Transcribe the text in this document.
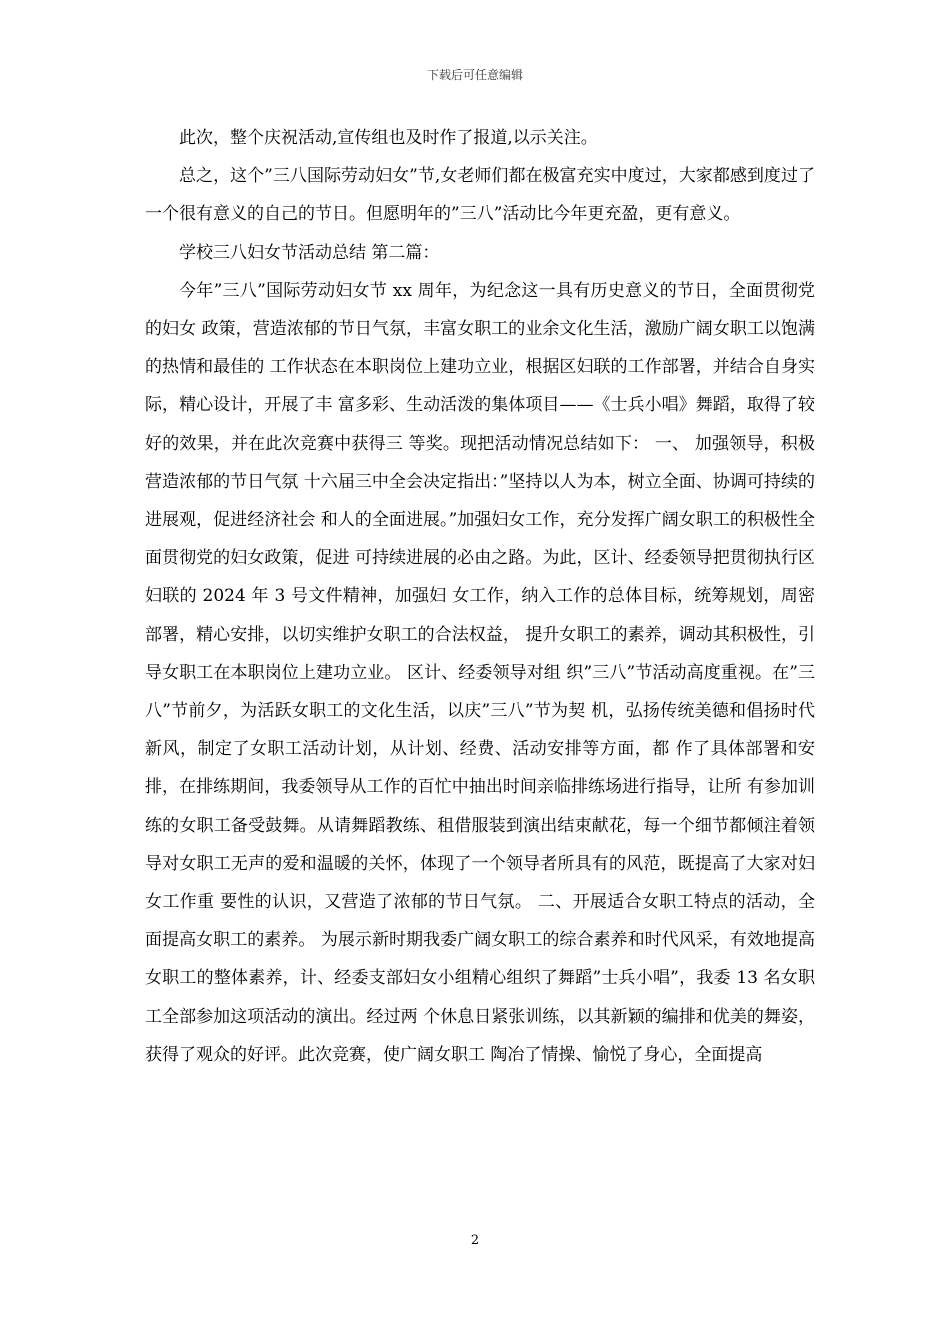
下载后可任意编辑

此次，整个庆祝活动,宣传组也及时作了报道,以示关注。

总之，这个”三八国际劳动妇女”节,女老师们都在极富充实中度过，大家都感到度过了一个很有意义的自己的节日。但愿明年的”三八”活动比今年更充盈，更有意义。

学校三八妇女节活动总结 第二篇：

今年”三八”国际劳动妇女节 xx 周年，为纪念这一具有历史意义的节日，全面贯彻党的妇女 政策，营造浓郁的节日气氛，丰富女职工的业余文化生活，激励广阔女职工以饱满的热情和最佳的 工作状态在本职岗位上建功立业，根据区妇联的工作部署，并结合自身实际，精心设计，开展了丰 富多彩、生动活泼的集体项目——《士兵小唱》舞蹈，取得了较好的效果，并在此次竞赛中获得三 等奖。现把活动情况总结如下： 一、 加强领导，积极营造浓郁的节日气氛 十六届三中全会决定指出：”坚持以人为本，树立全面、协调可持续的进展观，促进经济社会 和人的全面进展。”加强妇女工作，充分发挥广阔女职工的积极性全面贯彻党的妇女政策，促进 可持续进展的必由之路。为此，区计、经委领导把贯彻执行区妇联的 2024 年 3 号文件精神，加强妇 女工作，纳入工作的总体目标，统筹规划，周密部署，精心安排，以切实维护女职工的合法权益， 提升女职工的素养，调动其积极性，引导女职工在本职岗位上建功立业。 区计、经委领导对组 织”三八”节活动高度重视。在”三八”节前夕，为活跃女职工的文化生活，以庆”三八”节为契 机，弘扬传统美德和倡扬时代新风，制定了女职工活动计划，从计划、经费、活动安排等方面，都 作了具体部署和安排，在排练期间，我委领导从工作的百忙中抽出时间亲临排练场进行指导，让所 有参加训练的女职工备受鼓舞。从请舞蹈教练、租借服装到演出结束献花，每一个细节都倾注着领 导对女职工无声的爱和温暖的关怀，体现了一个领导者所具有的风范，既提高了大家对妇女工作重 要性的认识，又营造了浓郁的节日气氛。 二、开展适合女职工特点的活动，全面提高女职工的素养。 为展示新时期我委广阔女职工的综合素养和时代风采，有效地提高女职工的整体素养，计、经委支部妇女小组精心组织了舞蹈”士兵小唱”，我委 13 名女职工全部参加这项活动的演出。经过两 个休息日紧张训练，以其新颖的编排和优美的舞姿，获得了观众的好评。此次竞赛，使广阔女职工 陶冶了情操、愉悦了身心，全面提高

2
